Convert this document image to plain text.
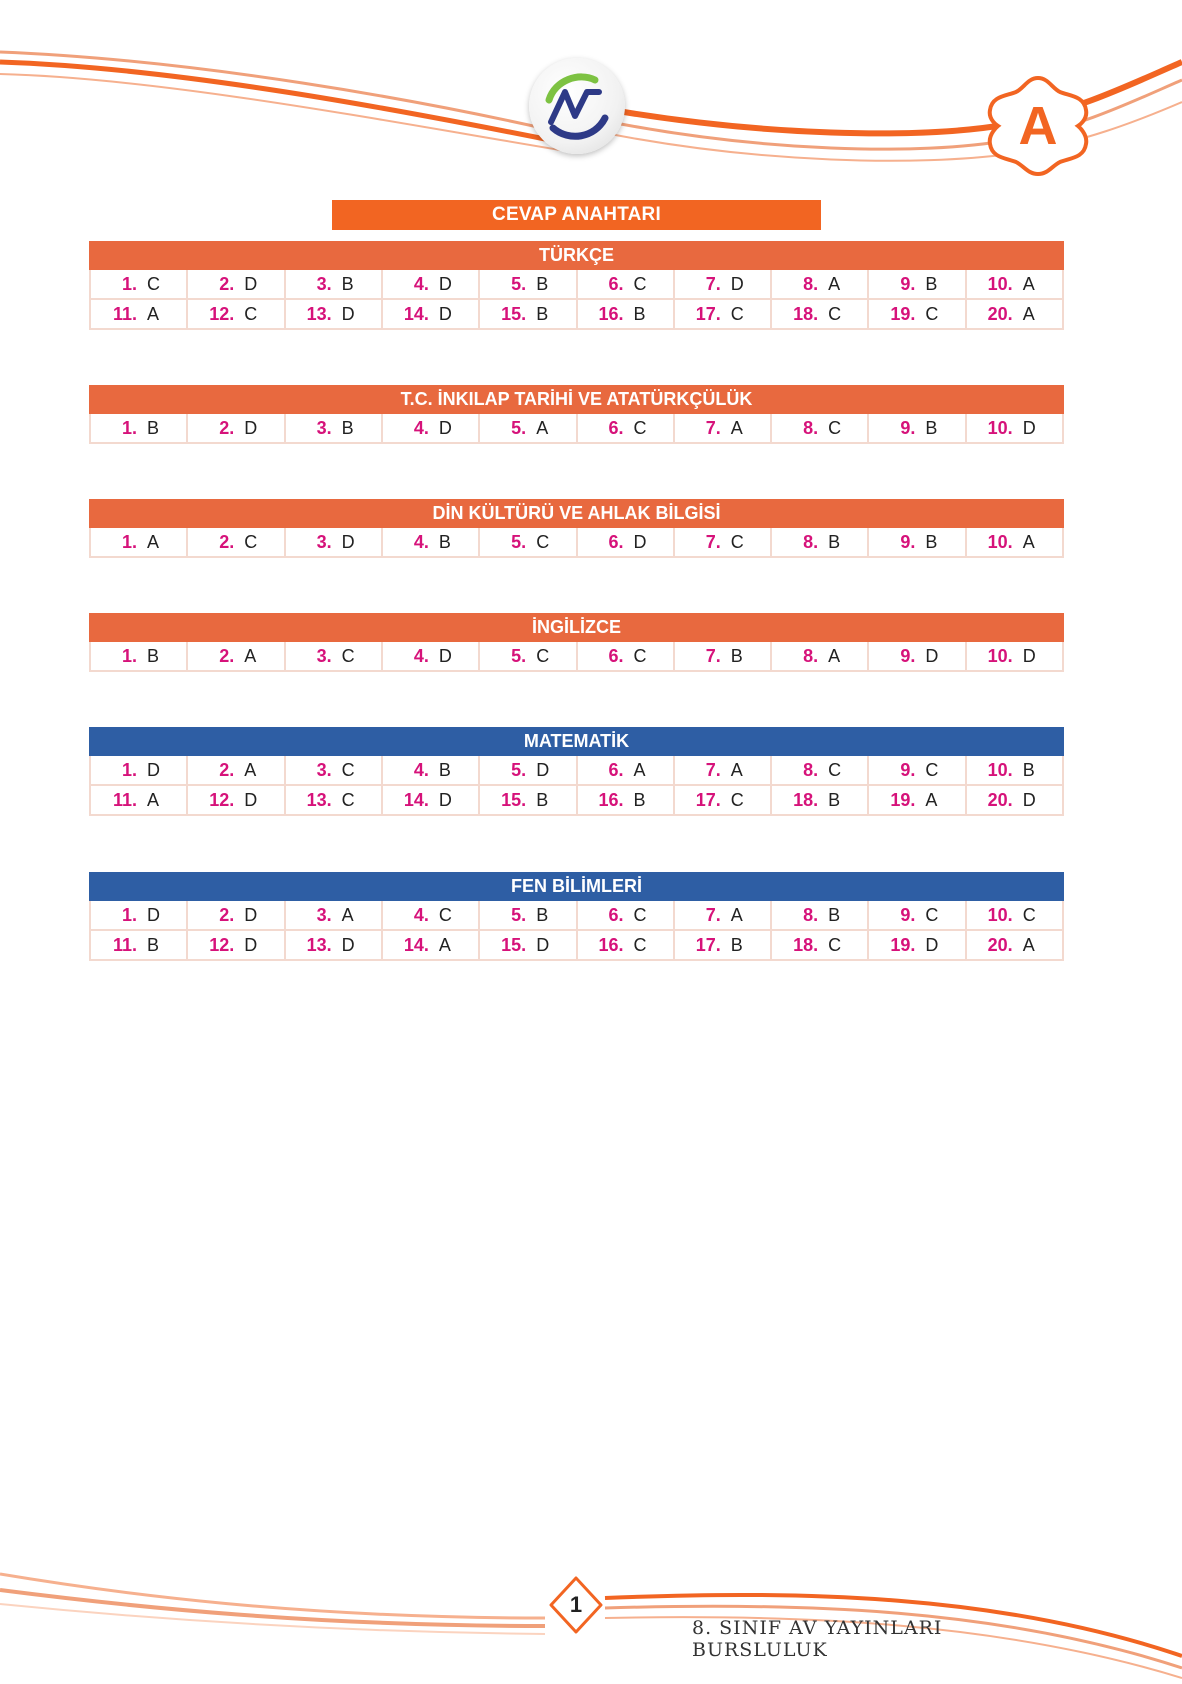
A
CEVAP ANAHTARI
TÜRKÇE
1. C	2. D	3. B	4. D	5. B	6. C	7. D	8. A	9. B	10. A
11. A	12. C	13. D	14. D	15. B	16. B	17. C	18. C	19. C	20. A
T.C. İNKILAP TARİHİ VE ATATÜRKÇÜLÜK
1. B	2. D	3. B	4. D	5. A	6. C	7. A	8. C	9. B	10. D
DİN KÜLTÜRÜ VE AHLAK BİLGİSİ
1. A	2. C	3. D	4. B	5. C	6. D	7. C	8. B	9. B	10. A
İNGİLİZCE
1. B	2. A	3. C	4. D	5. C	6. C	7. B	8. A	9. D	10. D
MATEMATİK
1. D	2. A	3. C	4. B	5. D	6. A	7. A	8. C	9. C	10. B
11. A	12. D	13. C	14. D	15. B	16. B	17. C	18. B	19. A	20. D
FEN BİLİMLERİ
1. D	2. D	3. A	4. C	5. B	6. C	7. A	8. B	9. C	10. C
11. B	12. D	13. D	14. A	15. D	16. C	17. B	18. C	19. D	20. A
1
8. SINIF AV YAYINLARI BURSLULUK
